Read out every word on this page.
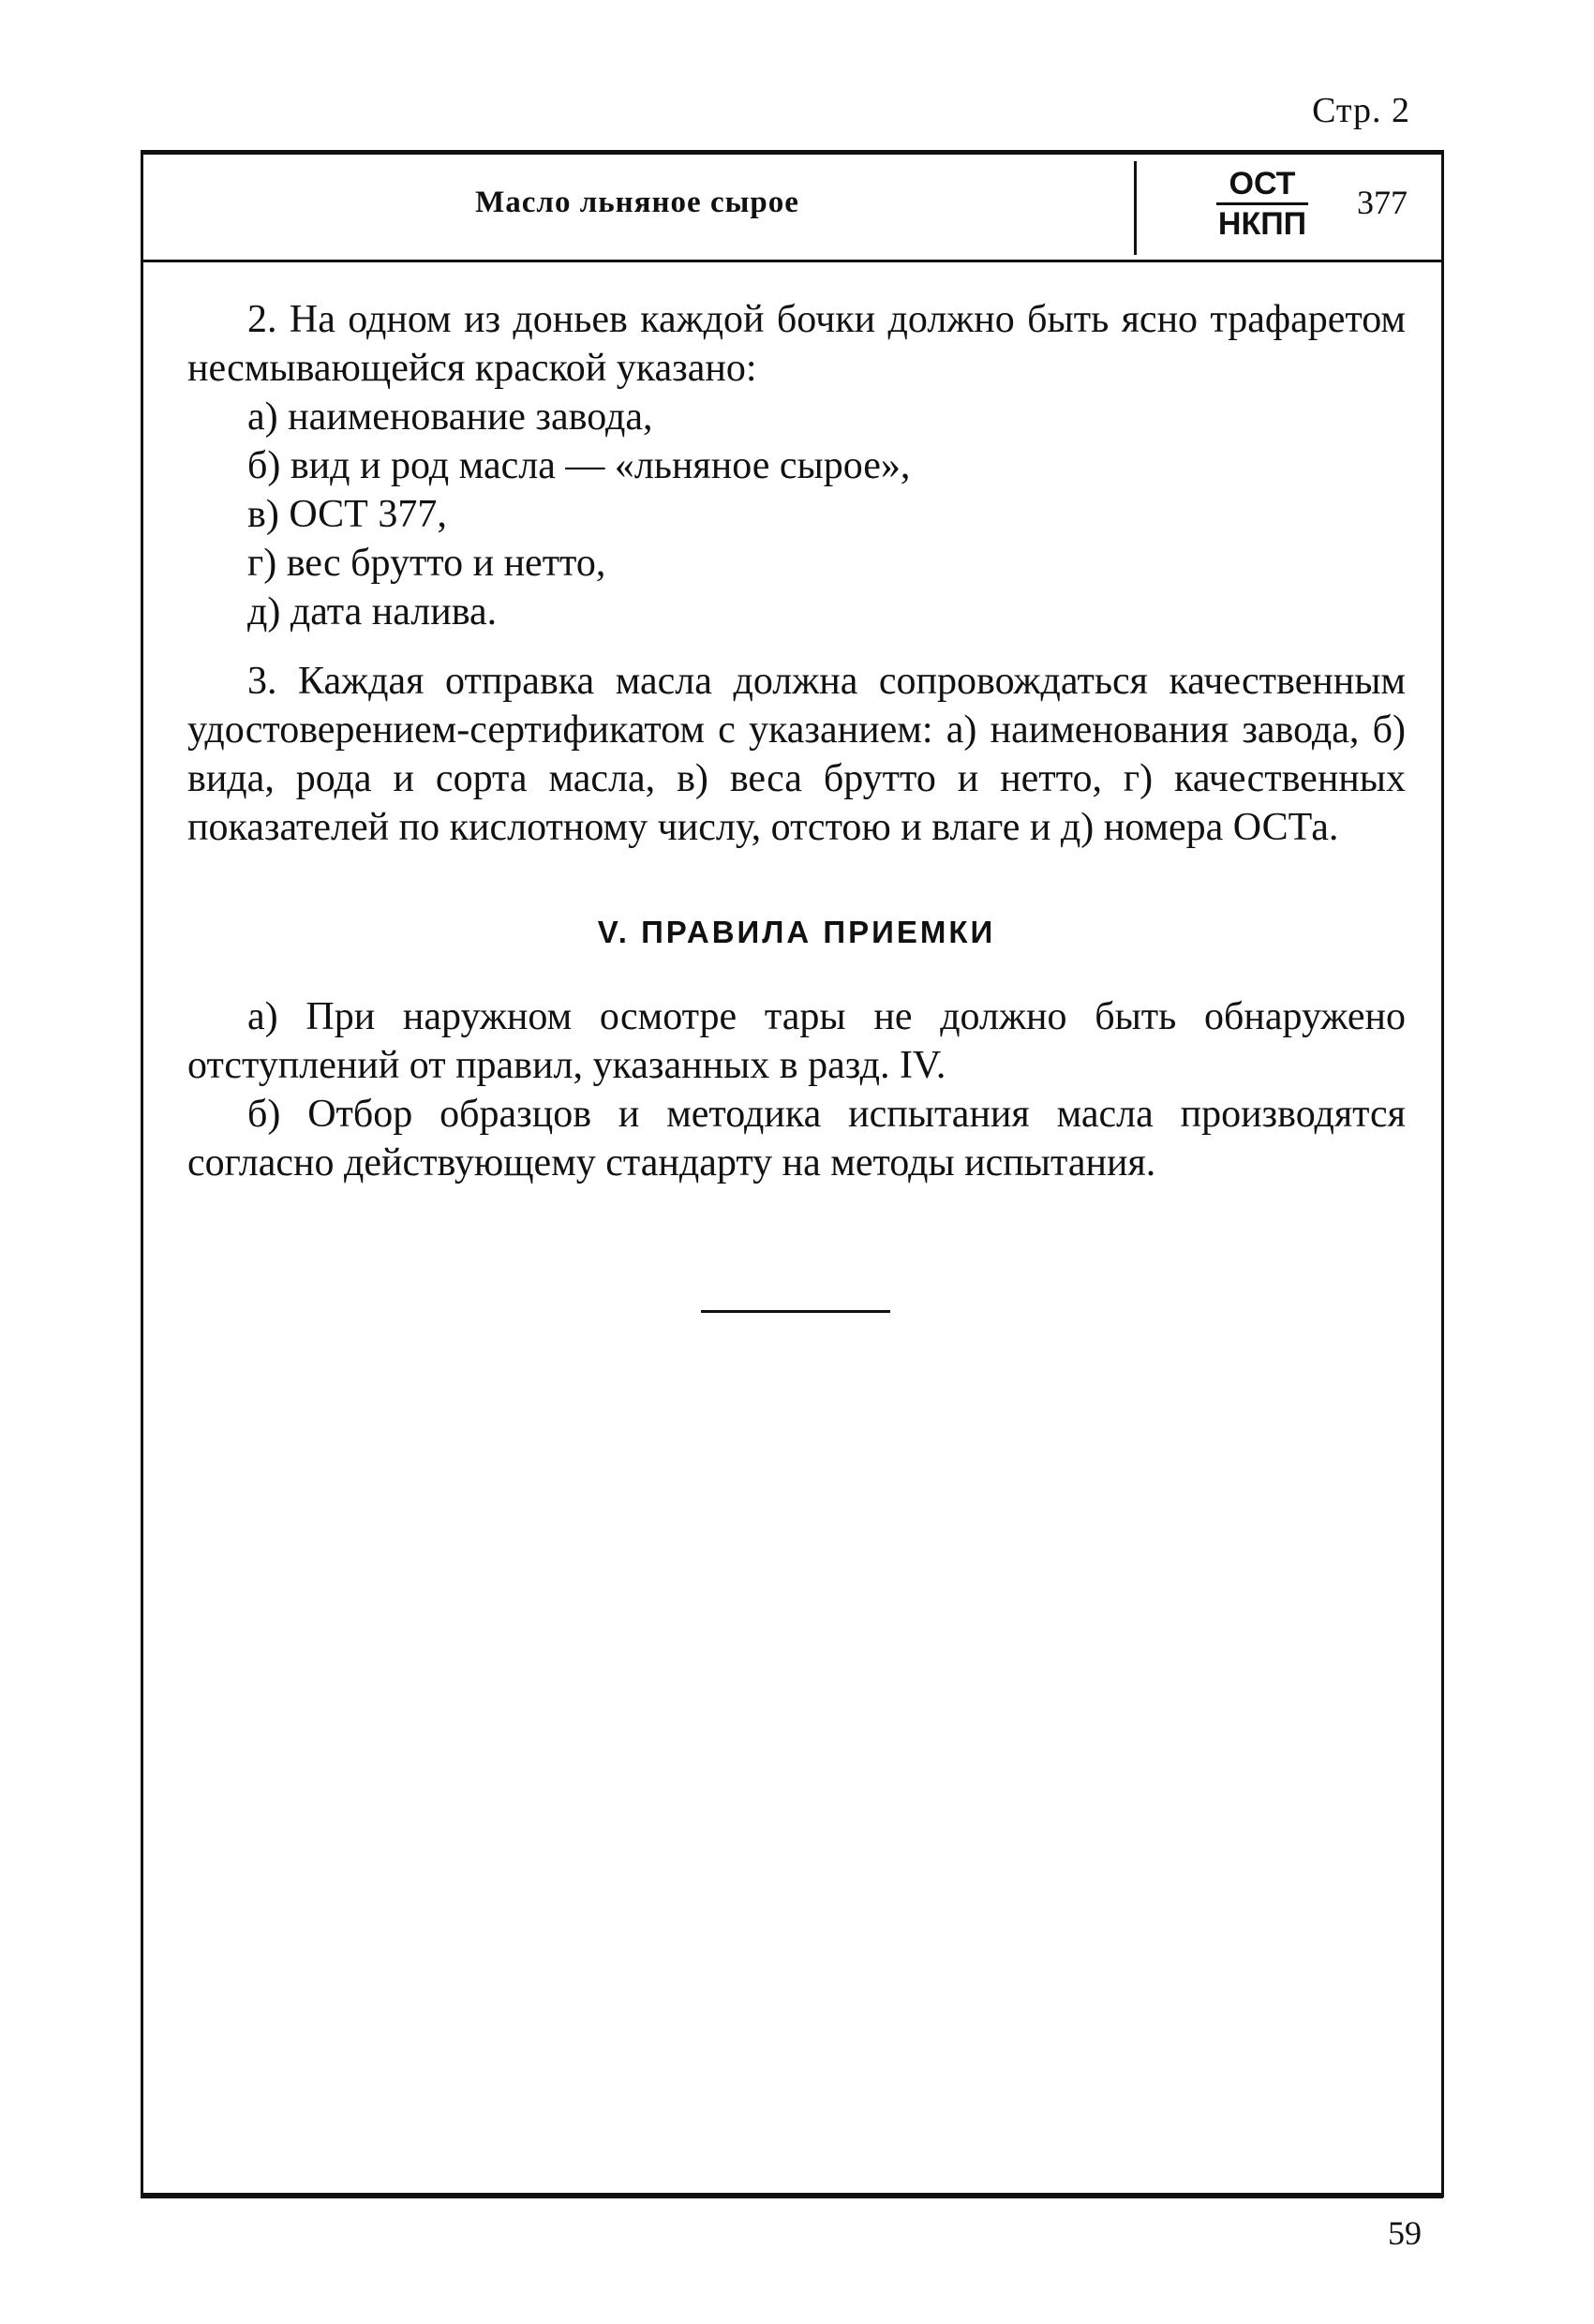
Стр. 2
Масло льняное сырое
ОСТ
НКПП
377

2. На одном из доньев каждой бочки должно быть ясно трафаретом несмывающейся краской указано:

а) наименование завода,
б) вид и род масла — «льняное сырое»,
в) ОСТ 377,
г) вес брутто и нетто,
д) дата налива.

3. Каждая отправка масла должна сопровождаться качественным удостоверением-сертификатом с указанием: а) наименования завода, б) вида, рода и сорта масла, в) веса брутто и нетто, г) качественных показателей по кислотному числу, отстою и влаге и д) номера ОСТа.

V. ПРАВИЛА ПРИЕМКИ

а) При наружном осмотре тары не должно быть обнаружено отступлений от правил, указанных в разд. IV.

б) Отбор образцов и методика испытания масла производятся согласно действующему стандарту на методы испытания.

59
